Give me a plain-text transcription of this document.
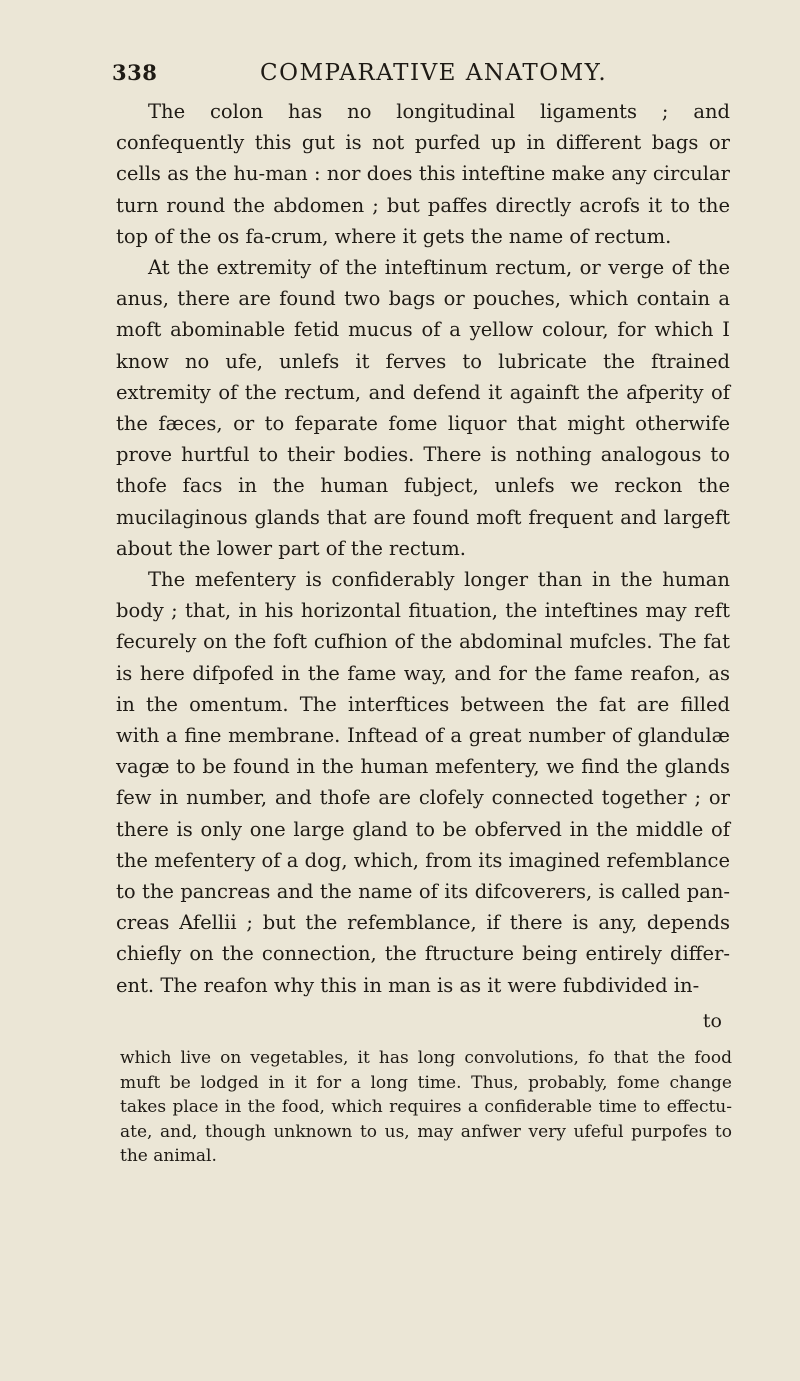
338	COMPARATIVE ANATOMY.

The colon has no longitudinal ligaments ; and confequently this gut is not purfed up in different bags or cells as the hu-man : nor does this inteftine make any circular turn round the abdomen ; but paffes directly acrofs it to the top of the os fa-crum, where it gets the name of rectum.

At the extremity of the inteftinum rectum, or verge of the anus, there are found two bags or pouches, which contain a moft abominable fetid mucus of a yellow colour, for which I know no ufe, unlefs it ferves to lubricate the ftrained extremity of the rectum, and defend it againft the afperity of the fæces, or to feparate fome liquor that might otherwife prove hurtful to their bodies. There is nothing analogous to thofe facs in the human fubject, unlefs we reckon the mucilaginous glands that are found moft frequent and largeft about the lower part of the rectum.

The mefentery is confiderably longer than in the human body ; that, in his horizontal fituation, the inteftines may reft fecurely on the foft cufhion of the abdominal mufcles. The fat is here difpofed in the fame way, and for the fame reafon, as in the omentum. The interftices between the fat are filled with a fine membrane. Inftead of a great number of glandulæ vagæ to be found in the human mefentery, we find the glands few in number, and thofe are clofely connected together ; or there is only one large gland to be obferved in the middle of the mefentery of a dog, which, from its imagined refemblance to the pancreas and the name of its difcoverers, is called pan-creas Afellii ; but the refemblance, if there is any, depends chiefly on the connection, the ftructure being entirely differ-ent. The reafon why this in man is as it were fubdivided in-

to
which live on vegetables, it has long convolutions, fo that the food muft be lodged in it for a long time. Thus, probably, fome change takes place in the food, which requires a confiderable time to effectu-ate, and, though unknown to us, may anfwer very ufeful purpofes to the animal.
